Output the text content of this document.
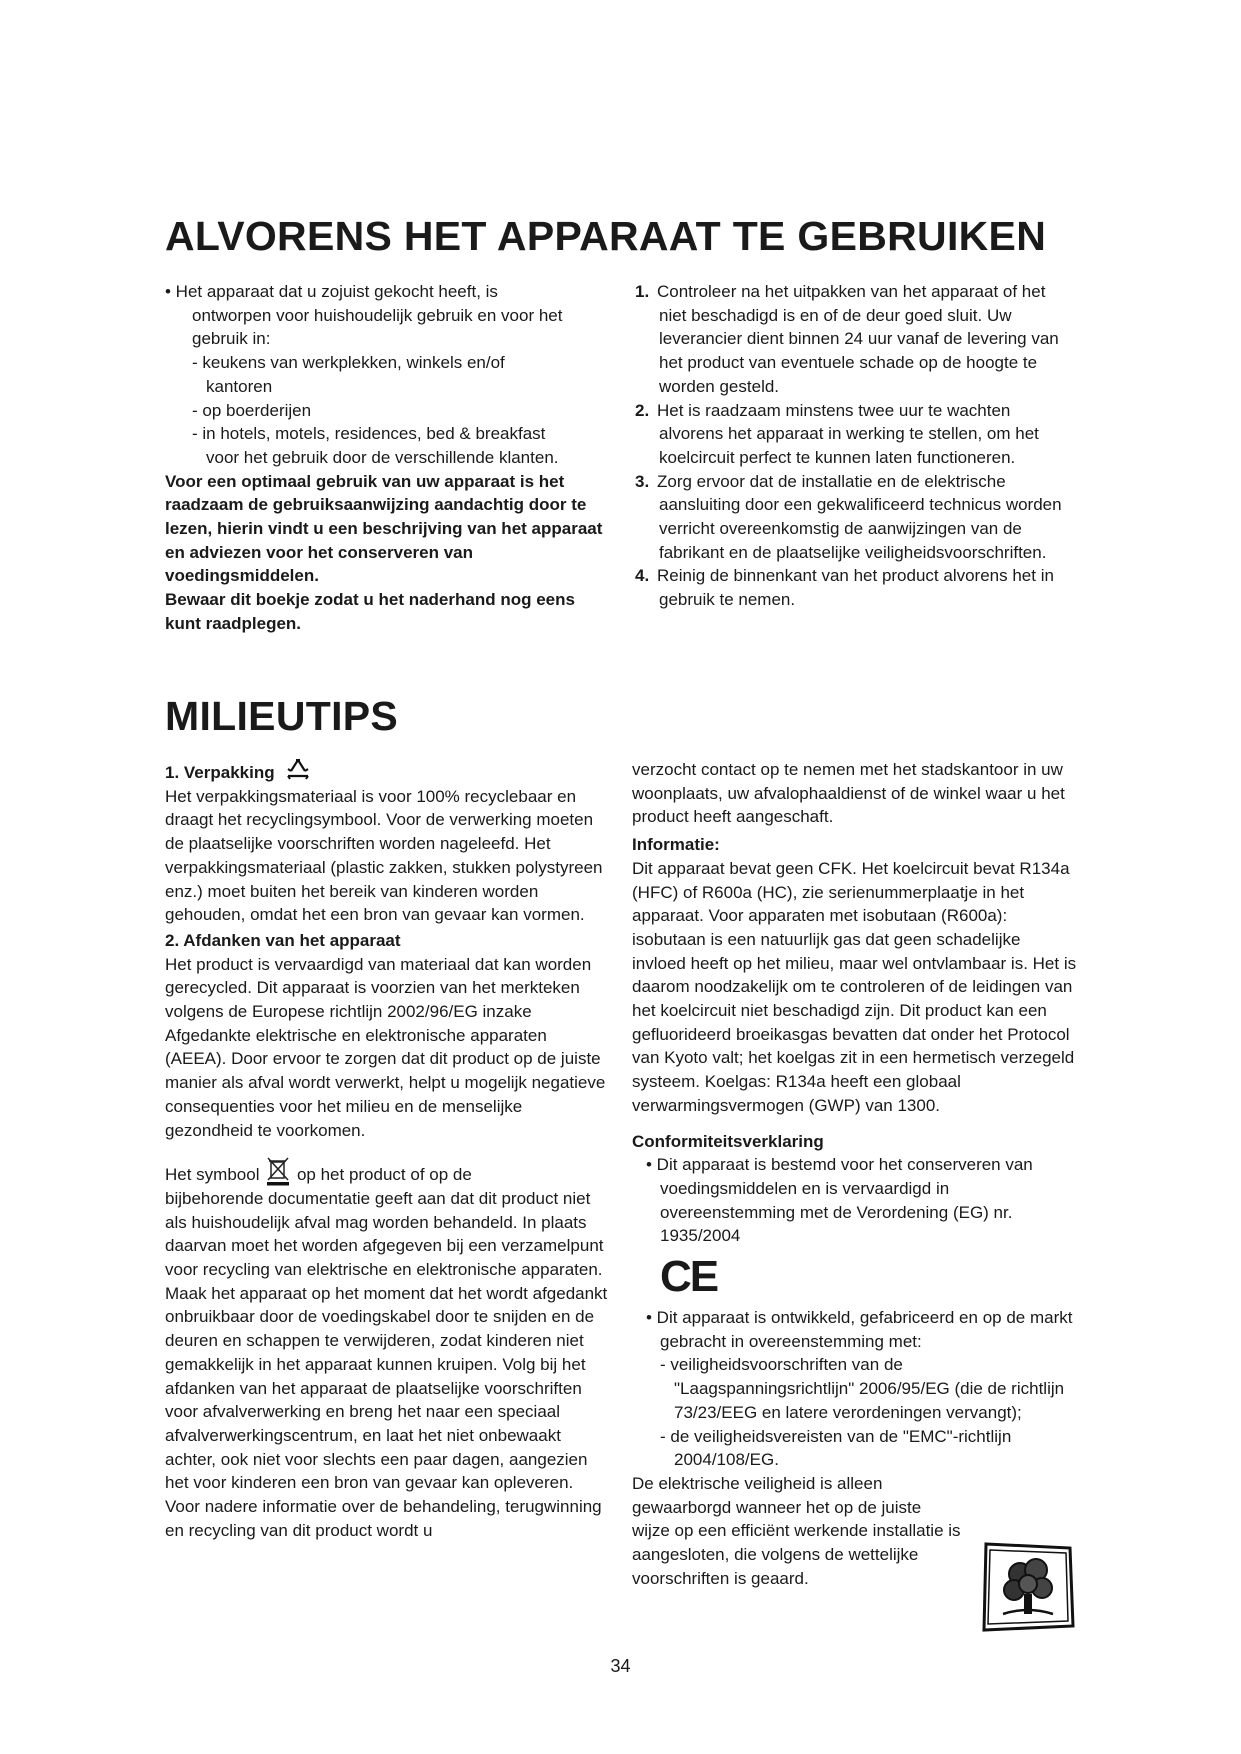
ALVORENS HET APPARAAT TE GEBRUIKEN

• Het apparaat dat u zojuist gekocht heeft, is

ontworpen voor huishoudelijk gebruik en voor het

gebruik in:

- keukens van werkplekken, winkels en/of

kantoren

- op boerderijen

- in hotels, motels, residences, bed & breakfast

voor het gebruik door de verschillende klanten.

Voor een optimaal gebruik van uw apparaat is het raadzaam de gebruiksaanwijzing aandachtig door te lezen, hierin vindt u een beschrijving van het apparaat en adviezen voor het conserveren van voedingsmiddelen.

Bewaar dit boekje zodat u het naderhand nog eens kunt raadplegen.

1. Controleer na het uitpakken van het apparaat of het niet beschadigd is en of de deur goed sluit. Uw leverancier dient binnen 24 uur vanaf de levering van het product van eventuele schade op de hoogte te worden gesteld.

2. Het is raadzaam minstens twee uur te wachten alvorens het apparaat in werking te stellen, om het koelcircuit perfect te kunnen laten functioneren.

3. Zorg ervoor dat de installatie en de elektrische aansluiting door een gekwalificeerd technicus worden verricht overeenkomstig de aanwijzingen van de fabrikant en de plaatselijke veiligheidsvoorschriften.

4. Reinig de binnenkant van het product alvorens het in gebruik te nemen.

MILIEUTIPS

1. Verpakking

Het verpakkingsmateriaal is voor 100% recyclebaar en draagt het recyclingsymbool. Voor de verwerking moeten de plaatselijke voorschriften worden nageleefd. Het verpakkingsmateriaal (plastic zakken, stukken polystyreen enz.) moet buiten het bereik van kinderen worden gehouden, omdat het een bron van gevaar kan vormen.

2. Afdanken van het apparaat

Het product is vervaardigd van materiaal dat kan worden gerecycled. Dit apparaat is voorzien van het merkteken volgens de Europese richtlijn 2002/96/EG inzake Afgedankte elektrische en elektronische apparaten (AEEA). Door ervoor te zorgen dat dit product op de juiste manier als afval wordt verwerkt, helpt u mogelijk negatieve consequenties voor het milieu en de menselijke gezondheid te voorkomen.

Het symbool op het product of op de

bijbehorende documentatie geeft aan dat dit product niet als huishoudelijk afval mag worden behandeld. In plaats daarvan moet het worden afgegeven bij een verzamelpunt voor recycling van elektrische en elektronische apparaten. Maak het apparaat op het moment dat het wordt afgedankt onbruikbaar door de voedingskabel door te snijden en de deuren en schappen te verwijderen, zodat kinderen niet gemakkelijk in het apparaat kunnen kruipen. Volg bij het afdanken van het apparaat de plaatselijke voorschriften voor afvalverwerking en breng het naar een speciaal afvalverwerkingscentrum, en laat het niet onbewaakt achter, ook niet voor slechts een paar dagen, aangezien het voor kinderen een bron van gevaar kan opleveren. Voor nadere informatie over de behandeling, terugwinning en recycling van dit product wordt u

verzocht contact op te nemen met het stadskantoor in uw woonplaats, uw afvalophaaldienst of de winkel waar u het product heeft aangeschaft.

Informatie:

Dit apparaat bevat geen CFK. Het koelcircuit bevat R134a (HFC) of R600a (HC), zie serienummerplaatje in het apparaat. Voor apparaten met isobutaan (R600a): isobutaan is een natuurlijk gas dat geen schadelijke invloed heeft op het milieu, maar wel ontvlambaar is. Het is daarom noodzakelijk om te controleren of de leidingen van het koelcircuit niet beschadigd zijn. Dit product kan een gefluorideerd broeikasgas bevatten dat onder het Protocol van Kyoto valt; het koelgas zit in een hermetisch verzegeld systeem. Koelgas: R134a heeft een globaal verwarmingsvermogen (GWP) van 1300.

Conformiteitsverklaring

• Dit apparaat is bestemd voor het conserveren van voedingsmiddelen en is vervaardigd in overeenstemming met de Verordening (EG) nr. 1935/2004

CE

• Dit apparaat is ontwikkeld, gefabriceerd en op de markt gebracht in overeenstemming met:

- veiligheidsvoorschriften van de "Laagspanningsrichtlijn" 2006/95/EG (die de richtlijn 73/23/EEG en latere verordeningen vervangt);

- de veiligheidsvereisten van de "EMC"-richtlijn 2004/108/EG.

De elektrische veiligheid is alleen gewaarborgd wanneer het op de juiste wijze op een efficiënt werkende installatie is aangesloten, die volgens de wettelijke voorschriften is geaard.

34
